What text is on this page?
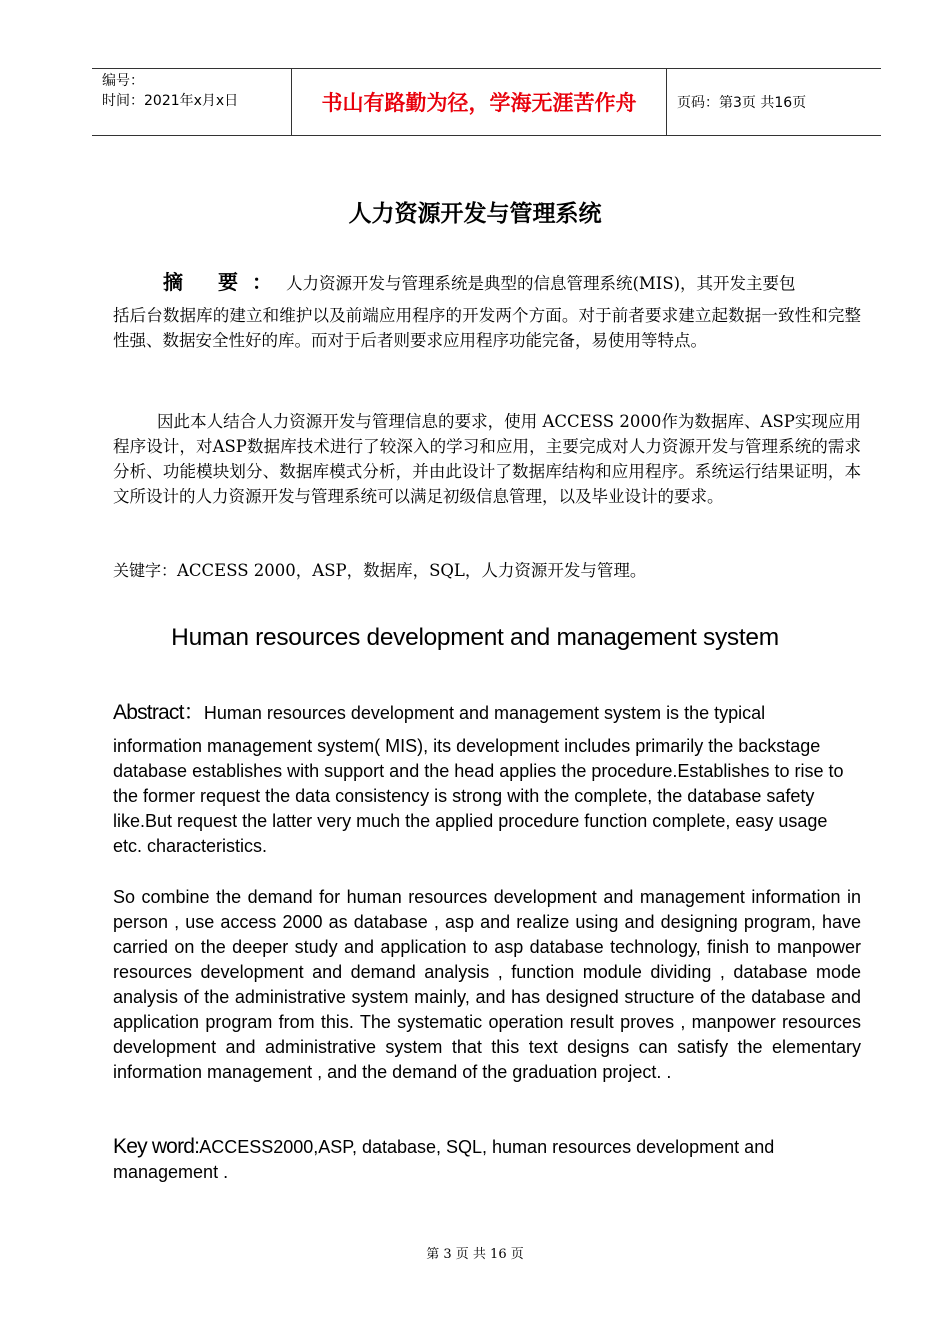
编号：
时间：2021年x月x日	书山有路勤为径，学海无涯苦作舟	页码：第3页 共16页
人力资源开发与管理系统
摘 要：人力资源开发与管理系统是典型的信息管理系统(MIS)，其开发主要包
括后台数据库的建立和维护以及前端应用程序的开发两个方面。对于前者要求建立起数据一致性和完整性强、数据安全性好的库。而对于后者则要求应用程序功能完备，易使用等特点。
因此本人结合人力资源开发与管理信息的要求，使用 ACCESS 2000作为数据库、ASP实现应用程序设计，对ASP数据库技术进行了较深入的学习和应用，主要完成对人力资源开发与管理系统的需求分析、功能模块划分、数据库模式分析，并由此设计了数据库结构和应用程序。系统运行结果证明，本文所设计的人力资源开发与管理系统可以满足初级信息管理，以及毕业设计的要求。
关键字：ACCESS 2000，ASP，数据库，SQL，人力资源开发与管理。
Human resources development and management system
Abstract：Human resources development and management system is the typical
information management system( MIS), its development includes primarily the backstage database establishes with support and the head applies the procedure.Establishes to rise to the former request the data consistency is strong with the complete, the database safety like.But request the latter very much the applied procedure function complete, easy usage etc. characteristics.
So combine the demand for human resources development and management information in person , use access 2000 as database , asp and realize using and designing program, have carried on the deeper study and application to asp database technology, finish to manpower resources development and demand analysis , function module dividing , database mode analysis of the administrative system mainly, and has designed structure of the database and application program from this. The systematic operation result proves , manpower resources development and administrative system that this text designs can satisfy the elementary information management , and the demand of the graduation project. .
Key word:ACCESS2000,ASP, database, SQL, human resources development and management .
第 3 页 共 16 页
